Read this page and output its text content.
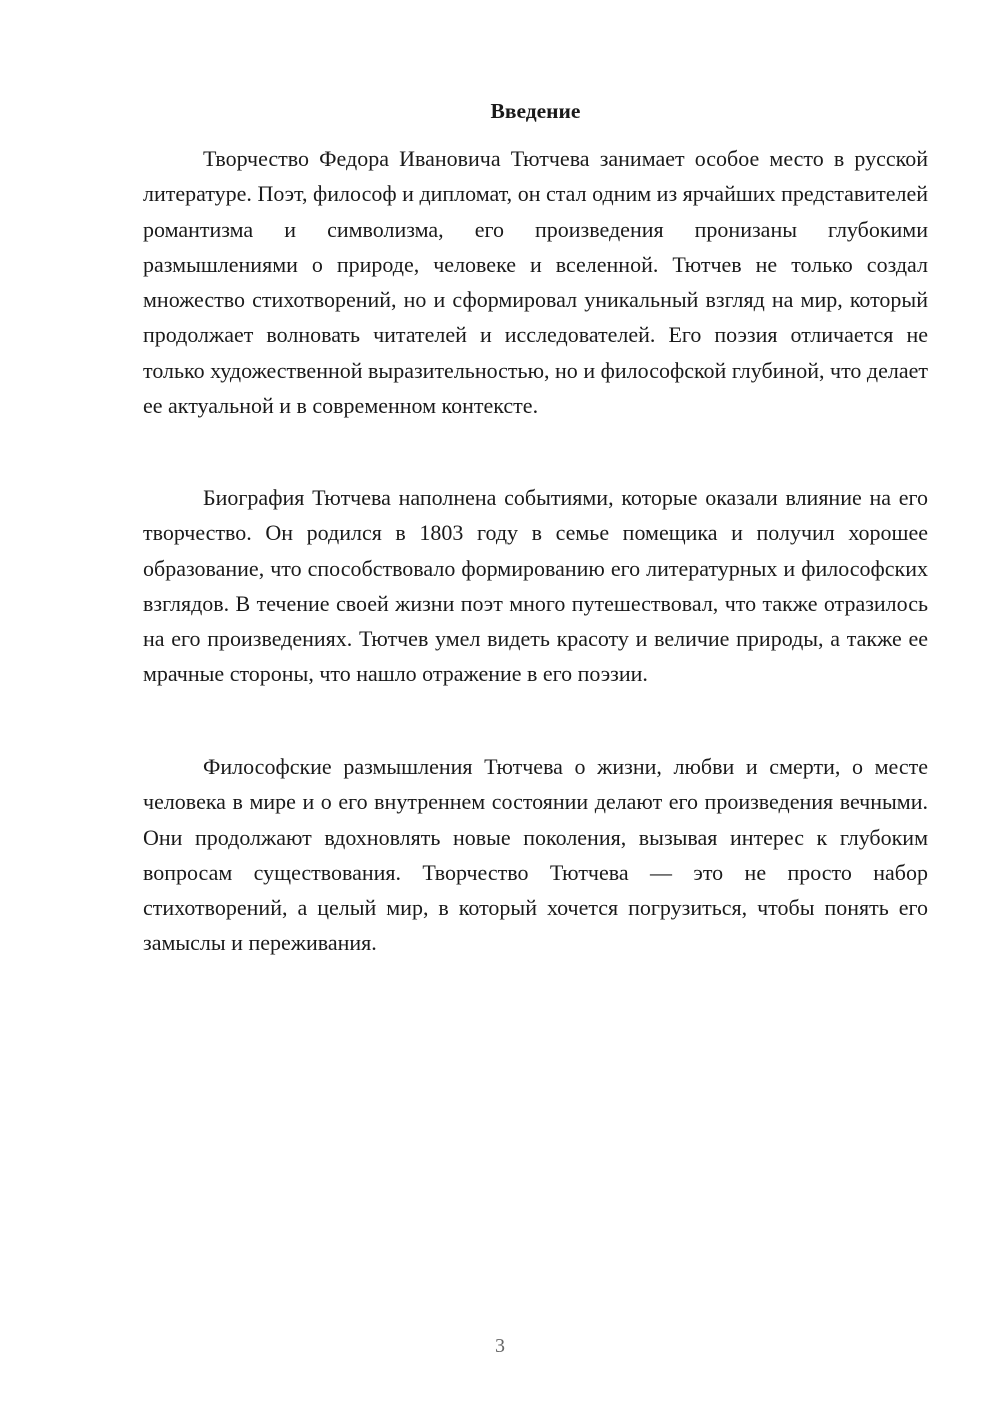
Введение

Творчество Федора Ивановича Тютчева занимает особое место в русской литературе. Поэт, философ и дипломат, он стал одним из ярчайших представителей романтизма и символизма, его произведения пронизаны глубокими размышлениями о природе, человеке и вселенной. Тютчев не только создал множество стихотворений, но и сформировал уникальный взгляд на мир, который продолжает волновать читателей и исследователей. Его поэзия отличается не только художественной выразительностью, но и философской глубиной, что делает ее актуальной и в современном контексте.

Биография Тютчева наполнена событиями, которые оказали влияние на его творчество. Он родился в 1803 году в семье помещика и получил хорошее образование, что способствовало формированию его литературных и философских взглядов. В течение своей жизни поэт много путешествовал, что также отразилось на его произведениях. Тютчев умел видеть красоту и величие природы, а также ее мрачные стороны, что нашло отражение в его поэзии.

Философские размышления Тютчева о жизни, любви и смерти, о месте человека в мире и о его внутреннем состоянии делают его произведения вечными. Они продолжают вдохновлять новые поколения, вызывая интерес к глубоким вопросам существования. Творчество Тютчева — это не просто набор стихотворений, а целый мир, в который хочется погрузиться, чтобы понять его замыслы и переживания.

3
